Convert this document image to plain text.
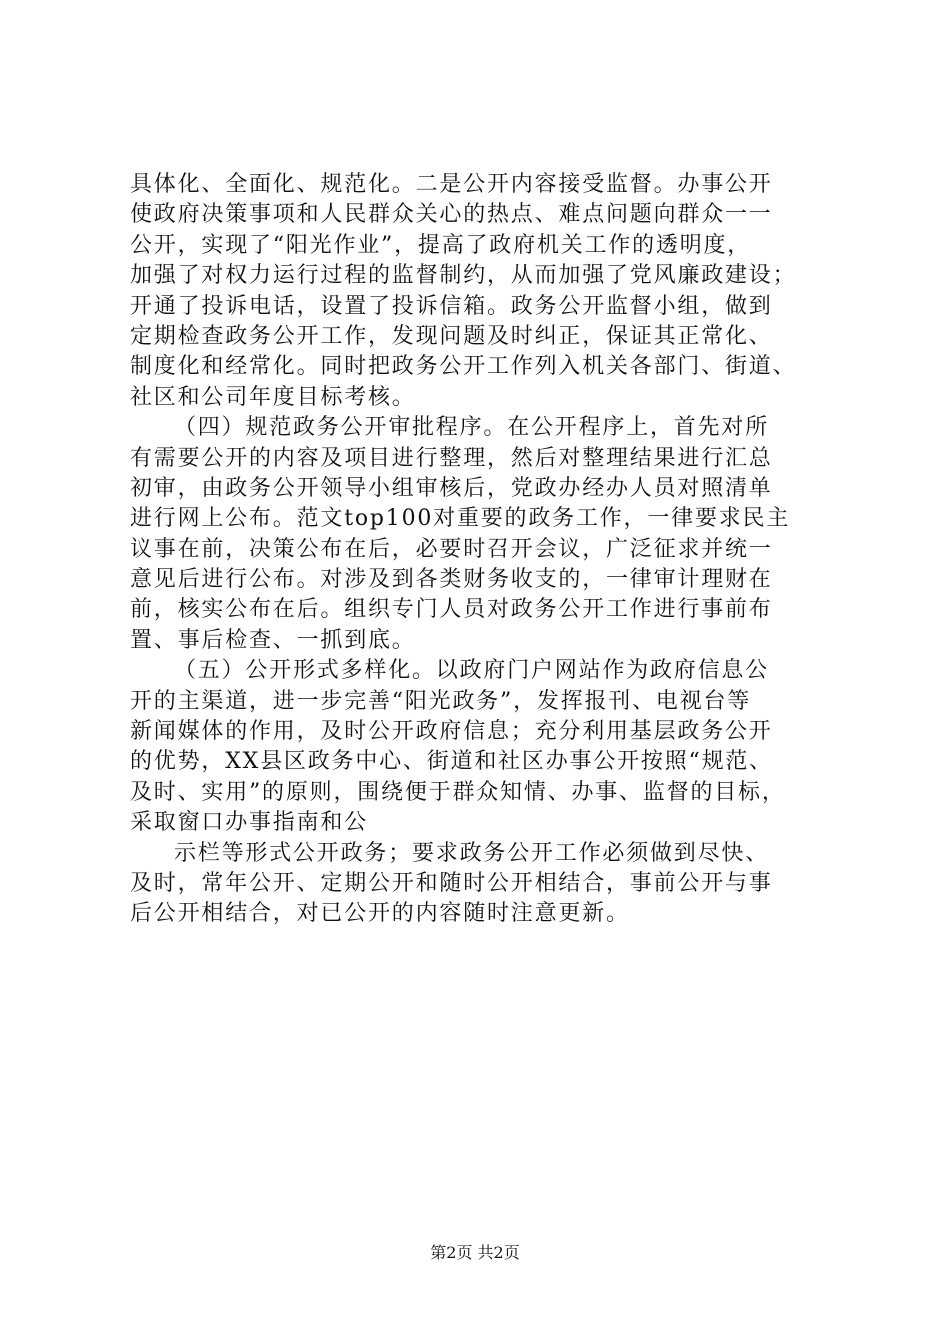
具体化、全面化、规范化。二是公开内容接受监督。办事公开
使政府决策事项和人民群众关心的热点、难点问题向群众一一
公开，实现了“阳光作业”，提高了政府机关工作的透明度，
加强了对权力运行过程的监督制约，从而加强了党风廉政建设；
开通了投诉电话，设置了投诉信箱。政务公开监督小组，做到
定期检查政务公开工作，发现问题及时纠正，保证其正常化、
制度化和经常化。同时把政务公开工作列入机关各部门、街道、
社区和公司年度目标考核。
（四）规范政务公开审批程序。在公开程序上，首先对所
有需要公开的内容及项目进行整理，然后对整理结果进行汇总
初审，由政务公开领导小组审核后，党政办经办人员对照清单
进行网上公布。范文top100对重要的政务工作，一律要求民主
议事在前，决策公布在后，必要时召开会议，广泛征求并统一
意见后进行公布。对涉及到各类财务收支的，一律审计理财在
前，核实公布在后。组织专门人员对政务公开工作进行事前布
置、事后检查、一抓到底。
（五）公开形式多样化。以政府门户网站作为政府信息公
开的主渠道，进一步完善“阳光政务”，发挥报刊、电视台等
新闻媒体的作用，及时公开政府信息；充分利用基层政务公开
的优势，XX县区政务中心、街道和社区办事公开按照“规范、
及时、实用”的原则，围绕便于群众知情、办事、监督的目标，
采取窗口办事指南和公
示栏等形式公开政务；要求政务公开工作必须做到尽快、
及时，常年公开、定期公开和随时公开相结合，事前公开与事
后公开相结合，对已公开的内容随时注意更新。
第2页 共2页
